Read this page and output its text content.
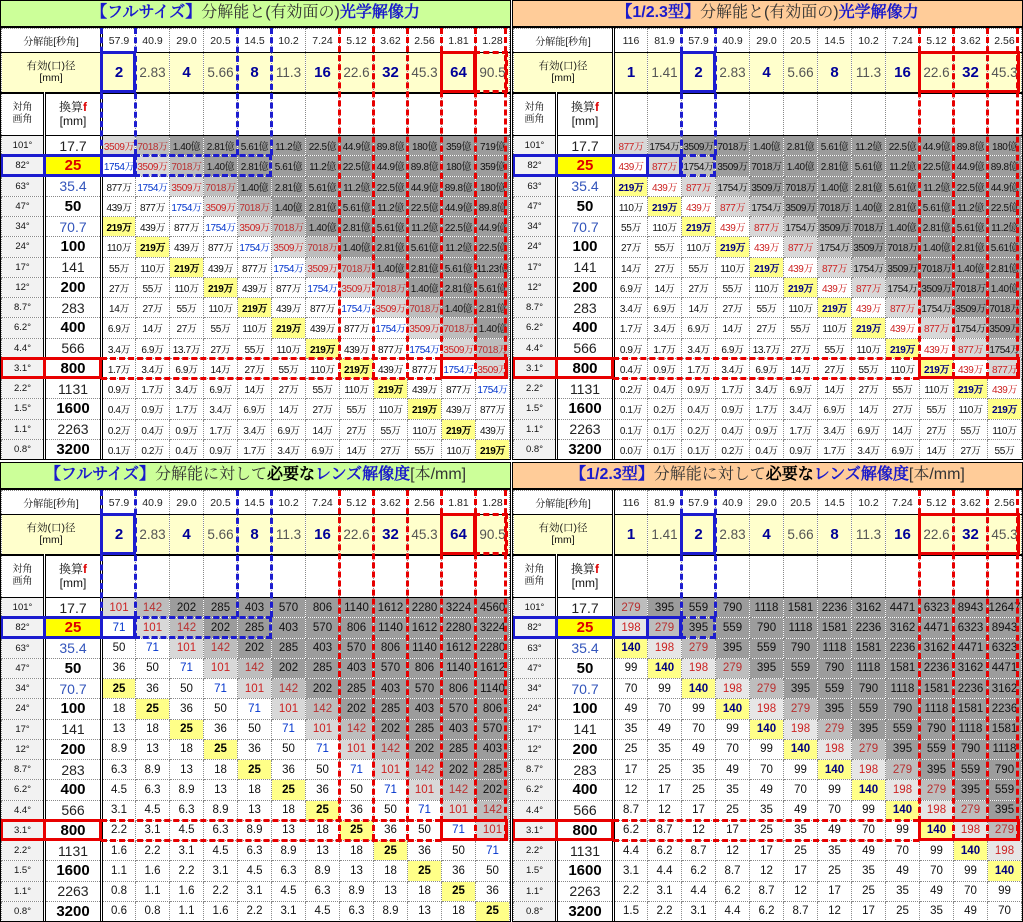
【フルサイズ】分解能と(有効面の)光学解像力
分解能[秒角]		57.9	40.9	29.0	20.5	14.5	10.2	7.24	5.12	3.62	2.56	1.81	1.28

有効(口)径
[mm]		2	2.83	4	5.66	8	11.3	16	22.6	32	45.3	64	90.5

対角
画角

換算f
[mm]

101°	17.7	3509万	7018万	1.40億	2.81億	5.61億	11.2億	22.5億	44.9億	89.8億	180億	359億	719億
82°	25	1754万	3509万	7018万	1.40億	2.81億	5.61億	11.2億	22.5億	44.9億	89.8億	180億	359億
63°	35.4	877万	1754万	3509万	7018万	1.40億	2.81億	5.61億	11.2億	22.5億	44.9億	89.8億	180億
47°	50	439万	877万	1754万	3509万	7018万	1.40億	2.81億	5.61億	11.2億	22.5億	44.9億	89.8億
34°	70.7	219万	439万	877万	1754万	3509万	7018万	1.40億	2.81億	5.61億	11.2億	22.5億	44.9億
24°	100	110万	219万	439万	877万	1754万	3509万	7018万	1.40億	2.81億	5.61億	11.2億	22.5億
17°	141	55万	110万	219万	439万	877万	1754万	3509万	7018万	1.40億	2.81億	5.61億	11.23億
12°	200	27万	55万	110万	219万	439万	877万	1754万	3509万	7018万	1.40億	2.81億	5.61億
8.7°	283	14万	27万	55万	110万	219万	439万	877万	1754万	3509万	7018万	1.40億	2.81億
6.2°	400	6.9万	14万	27万	55万	110万	219万	439万	877万	1754万	3509万	7018万	1.40億
4.4°	566	3.4万	6.9万	13.7万	27万	55万	110万	219万	439万	877万	1754万	3509万	7018万
3.1°	800	1.7万	3.4万	6.9万	14万	27万	55万	110万	219万	439万	877万	1754万	3509万
2.2°	1131	0.9万	1.7万	3.4万	6.9万	14万	27万	55万	110万	219万	439万	877万	1754万
1.5°	1600	0.4万	0.9万	1.7万	3.4万	6.9万	14万	27万	55万	110万	219万	439万	877万
1.1°	2263	0.2万	0.4万	0.9万	1.7万	3.4万	6.9万	14万	27万	55万	110万	219万	439万
0.8°	3200	0.1万	0.2万	0.4万	0.9万	1.7万	3.4万	6.9万	14万	27万	55万	110万	219万
【1/2.3型】分解能と(有効面の)光学解像力
分解能[秒角]		116	81.9	57.9	40.9	29.0	20.5	14.5	10.2	7.24	5.12	3.62	2.56

有効(口)径
[mm]		1	1.41	2	2.83	4	5.66	8	11.3	16	22.6	32	45.3

対角
画角

換算f
[mm]

101°	17.7	877万	1754万	3509万	7018万	1.40億	2.81億	5.61億	11.2億	22.5億	44.9億	89.8億	180億
82°	25	439万	877万	1754万	3509万	7018万	1.40億	2.81億	5.61億	11.2億	22.5億	44.9億	89.8億
63°	35.4	219万	439万	877万	1754万	3509万	7018万	1.40億	2.81億	5.61億	11.2億	22.5億	44.9億
47°	50	110万	219万	439万	877万	1754万	3509万	7018万	1.40億	2.81億	5.61億	11.2億	22.5億
34°	70.7	55万	110万	219万	439万	877万	1754万	3509万	7018万	1.40億	2.81億	5.61億	11.2億
24°	100	27万	55万	110万	219万	439万	877万	1754万	3509万	7018万	1.40億	2.81億	5.61億
17°	141	14万	27万	55万	110万	219万	439万	877万	1754万	3509万	7018万	1.40億	2.81億
12°	200	6.9万	14万	27万	55万	110万	219万	439万	877万	1754万	3509万	7018万	1.40億
8.7°	283	3.4万	6.9万	14万	27万	55万	110万	219万	439万	877万	1754万	3509万	7018万
6.2°	400	1.7万	3.4万	6.9万	14万	27万	55万	110万	219万	439万	877万	1754万	3509万
4.4°	566	0.9万	1.7万	3.4万	6.9万	13.7万	27万	55万	110万	219万	439万	877万	1754万
3.1°	800	0.4万	0.9万	1.7万	3.4万	6.9万	14万	27万	55万	110万	219万	439万	877万
2.2°	1131	0.2万	0.4万	0.9万	1.7万	3.4万	6.9万	14万	27万	55万	110万	219万	439万
1.5°	1600	0.1万	0.2万	0.4万	0.9万	1.7万	3.4万	6.9万	14万	27万	55万	110万	219万
1.1°	2263	0.1万	0.1万	0.2万	0.4万	0.9万	1.7万	3.4万	6.9万	14万	27万	55万	110万
0.8°	3200	0.0万	0.1万	0.1万	0.2万	0.4万	0.9万	1.7万	3.4万	6.9万	14万	27万	55万
【フルサイズ】分解能に対して必要なレンズ解像度[本/mm]
分解能[秒角]		57.9	40.9	29.0	20.5	14.5	10.2	7.24	5.12	3.62	2.56	1.81	1.28

有効(口)径
[mm]		2	2.83	4	5.66	8	11.3	16	22.6	32	45.3	64	90.5

対角
画角

換算f
[mm]

101°	17.7	101	142	202	285	403	570	806	1140	1612	2280	3224	4560
82°	25	71	101	142	202	285	403	570	806	1140	1612	2280	3224
63°	35.4	50	71	101	142	202	285	403	570	806	1140	1612	2280
47°	50	36	50	71	101	142	202	285	403	570	806	1140	1612
34°	70.7	25	36	50	71	101	142	202	285	403	570	806	1140
24°	100	18	25	36	50	71	101	142	202	285	403	570	806
17°	141	13	18	25	36	50	71	101	142	202	285	403	570
12°	200	8.9	13	18	25	36	50	71	101	142	202	285	403
8.7°	283	6.3	8.9	13	18	25	36	50	71	101	142	202	285
6.2°	400	4.5	6.3	8.9	13	18	25	36	50	71	101	142	202
4.4°	566	3.1	4.5	6.3	8.9	13	18	25	36	50	71	101	142
3.1°	800	2.2	3.1	4.5	6.3	8.9	13	18	25	36	50	71	101
2.2°	1131	1.6	2.2	3.1	4.5	6.3	8.9	13	18	25	36	50	71
1.5°	1600	1.1	1.6	2.2	3.1	4.5	6.3	8.9	13	18	25	36	50
1.1°	2263	0.8	1.1	1.6	2.2	3.1	4.5	6.3	8.9	13	18	25	36
0.8°	3200	0.6	0.8	1.1	1.6	2.2	3.1	4.5	6.3	8.9	13	18	25
【1/2.3型】分解能に対して必要なレンズ解像度[本/mm]
分解能[秒角]		116	81.9	57.9	40.9	29.0	20.5	14.5	10.2	7.24	5.12	3.62	2.56

有効(口)径
[mm]		1	1.41	2	2.83	4	5.66	8	11.3	16	22.6	32	45.3

対角
画角

換算f
[mm]

101°	17.7	279	395	559	790	1118	1581	2236	3162	4471	6323	8943	12647
82°	25	198	279	395	559	790	1118	1581	2236	3162	4471	6323	8943
63°	35.4	140	198	279	395	559	790	1118	1581	2236	3162	4471	6323
47°	50	99	140	198	279	395	559	790	1118	1581	2236	3162	4471
34°	70.7	70	99	140	198	279	395	559	790	1118	1581	2236	3162
24°	100	49	70	99	140	198	279	395	559	790	1118	1581	2236
17°	141	35	49	70	99	140	198	279	395	559	790	1118	1581
12°	200	25	35	49	70	99	140	198	279	395	559	790	1118
8.7°	283	17	25	35	49	70	99	140	198	279	395	559	790
6.2°	400	12	17	25	35	49	70	99	140	198	279	395	559
4.4°	566	8.7	12	17	25	35	49	70	99	140	198	279	395
3.1°	800	6.2	8.7	12	17	25	35	49	70	99	140	198	279
2.2°	1131	4.4	6.2	8.7	12	17	25	35	49	70	99	140	198
1.5°	1600	3.1	4.4	6.2	8.7	12	17	25	35	49	70	99	140
1.1°	2263	2.2	3.1	4.4	6.2	8.7	12	17	25	35	49	70	99
0.8°	3200	1.5	2.2	3.1	4.4	6.2	8.7	12	17	25	35	49	70
